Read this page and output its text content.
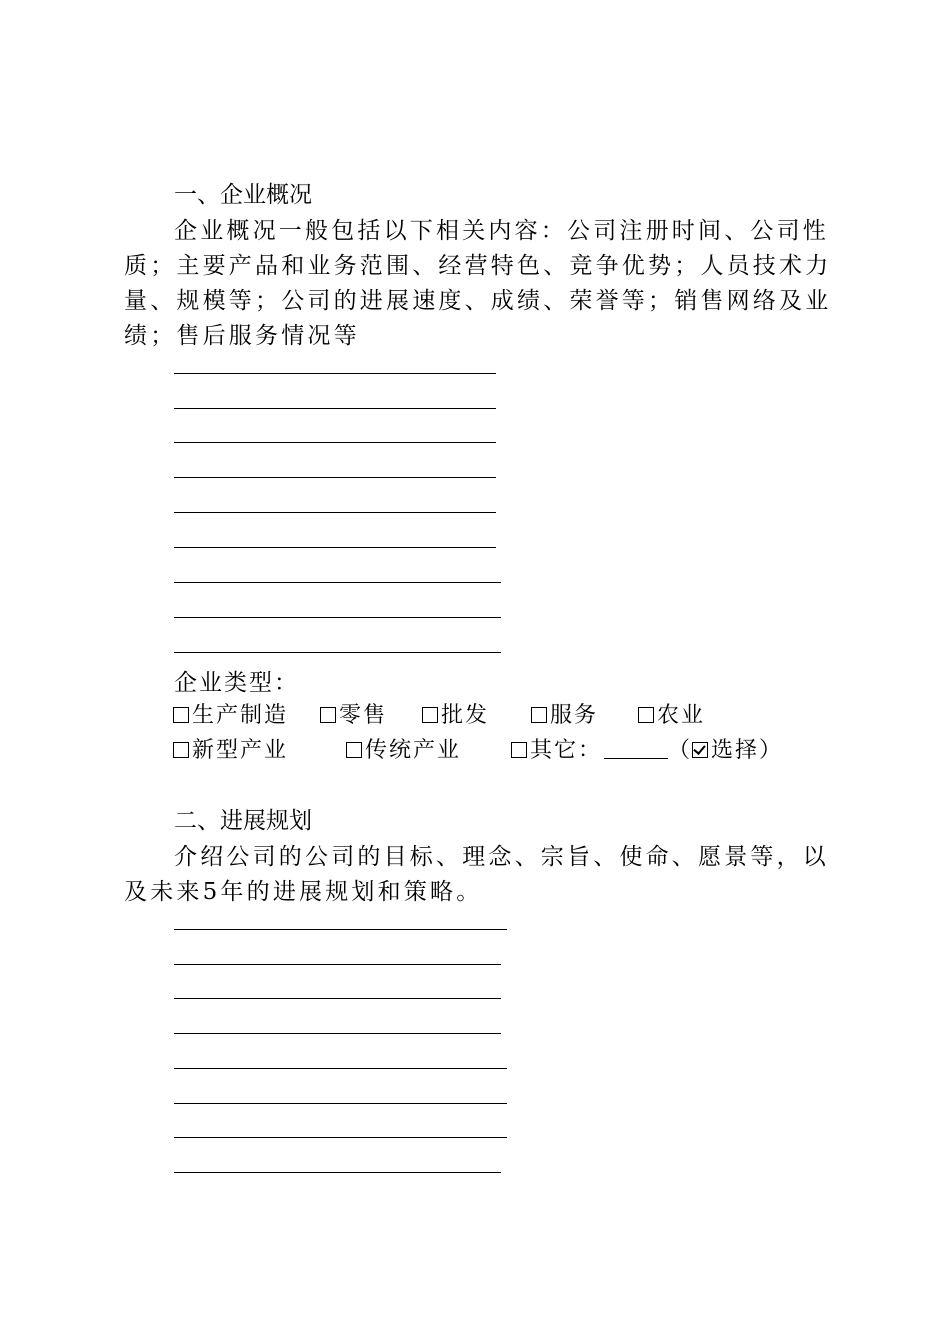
一、企业概况
企业概况一般包括以下相关内容：公司注册时间、公司性
质；主要产品和业务范围、经营特色、竞争优势；人员技术力
量、规模等；公司的进展速度、成绩、荣誉等；销售网络及业
绩；售后服务情况等
企业类型：
生产制造	零售	批发	服务	农业
新型产业	传统产业	其它：	（ 选择）
二、进展规划
介绍公司的公司的目标、理念、宗旨、使命、愿景等，以
及未来5年的进展规划和策略。
